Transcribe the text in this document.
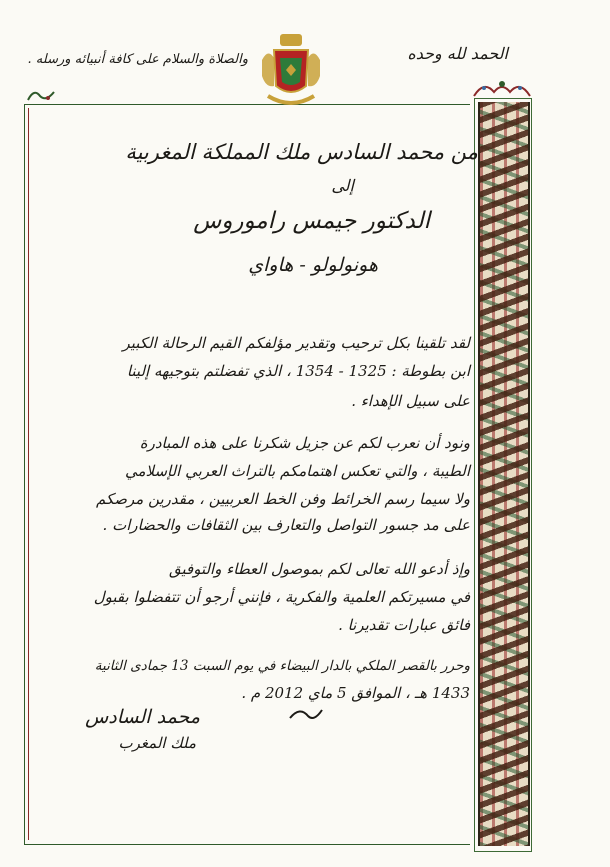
الحمد لله وحده
والصلاة والسلام على كافة أنبيائه ورسله .
من محمد السادس ملك المملكة المغربية
إلى
الدكتور جيمس راموروس
هونولولو - هاواي
لقد تلقينا بكل ترحيب وتقدير مؤلفكم القيم الرحالة الكبير
ابن بطوطة : 1325 - 1354 ، الذي تفضلتم بتوجيهه إلينا
على سبيل الإهداء .
ونود أن نعرب لكم عن جزيل شكرنا على هذه المبادرة
الطيبة ، والتي تعكس اهتمامكم بالتراث العربي الإسلامي
ولا سيما رسم الخرائط وفن الخط العربيين ، مقدرين مرصكم
على مد جسور التواصل والتعارف بين الثقافات والحضارات .
وإذ أدعو الله تعالى لكم بموصول العطاء والتوفيق
في مسيرتكم العلمية والفكرية ، فإنني أرجو أن تتفضلوا بقبول
فائق عبارات تقديرنا .
وحرر بالقصر الملكي بالدار البيضاء في يوم السبت 13 جمادى الثانية
1433 هـ ، الموافق 5 ماي 2012 م .
محمد السادس
ملك المغرب
